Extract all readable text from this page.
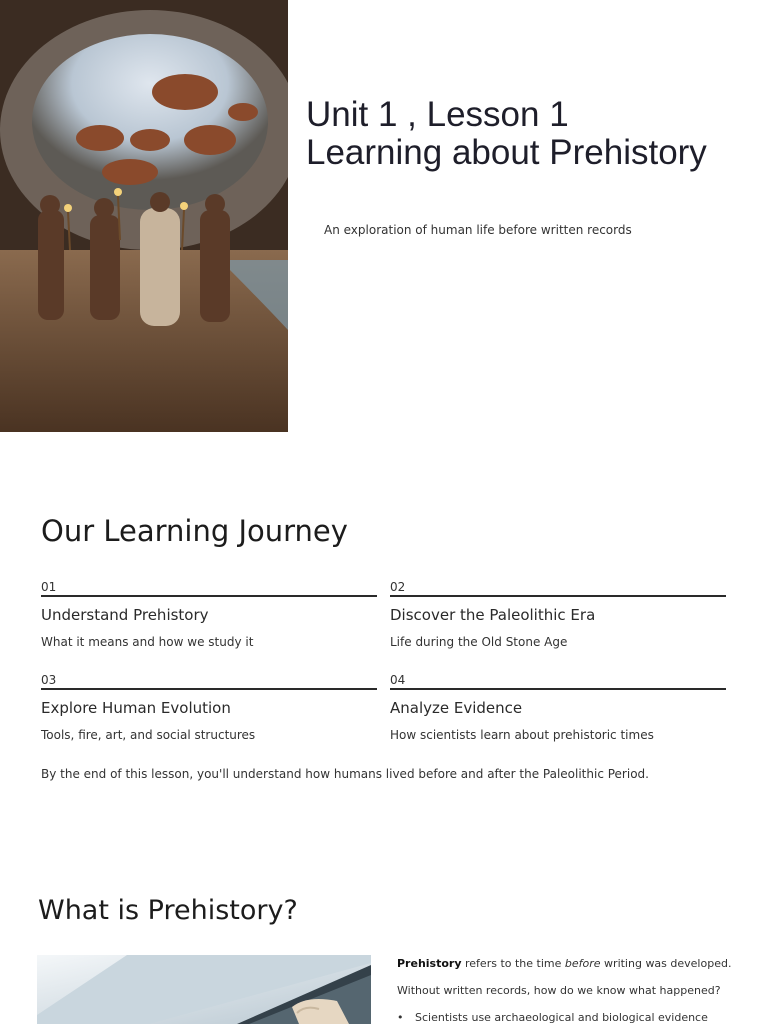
Unit 1 , Lesson 1
Learning about Prehistory
An exploration of human life before written records
Our Learning Journey
01
Understand Prehistory
What it means and how we study it
02
Discover the Paleolithic Era
Life during the Old Stone Age
03
Explore Human Evolution
Tools, fire, art, and social structures
04
Analyze Evidence
How scientists learn about prehistoric times
By the end of this lesson, you'll understand how humans lived before and after the Paleolithic Period.
What is Prehistory?
Prehistory refers to the time before writing was developed.
Without written records, how do we know what happened?
•	Scientists use archaeological and biological evidence
